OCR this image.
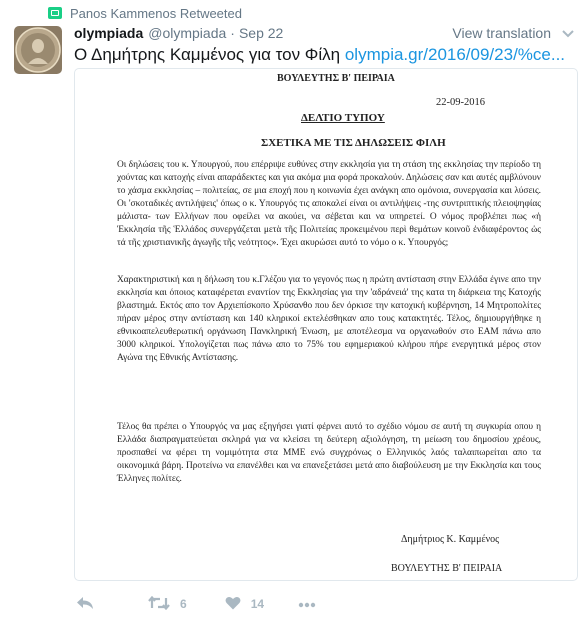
Panos Kammenos Retweeted
olympiada @olympiada · Sep 22	View translation
Ο Δημήτρης Καμμένος για τον Φίλη olympia.gr/2016/09/23/%ce...
ΒΟΥΛΕΥΤΗΣ Β' ΠΕΙΡΑΙΑ
22-09-2016
ΔΕΛΤΙΟ ΤΥΠΟΥ
ΣΧΕΤΙΚΑ ΜΕ ΤΙΣ ΔΗΛΩΣΕΙΣ ΦΙΛΗ
Οι δηλώσεις του κ. Υπουργού, που επέρριψε ευθύνες στην εκκλησία για τη στάση της εκκλησίας την περίοδο τη χούντας και κατοχής είναι απαράδεκτες και για ακόμα μια φορά προκαλούν. Δηλώσεις σαν και αυτές αμβλύνουν το χάσμα εκκλησίας – πολιτείας, σε μια εποχή που η κοινωνία έχει ανάγκη απο ομόνοια, συνεργασία και λύσεις. Οι 'σκοταδικές αντιλήψεις' όπως ο κ. Υπουργός τις αποκαλεί είναι οι αντιλήψεις -της συντριπτικής πλειοψηφίας μάλιστα- των Ελλήνων που οφείλει να ακούει, να σέβεται και να υπηρετεί. Ο νόμος προβλέπει πως «ἡ Ἐκκλησία τῆς Ἑλλάδος συνεργάζεται μετὰ τῆς Πολιτείας προκειμένου περὶ θεμάτων κοινοῦ ἐνδιαφέροντος ὡς τά τῆς χριστιανικῆς ἀγωγῆς τῆς νεότητος». Έχει ακυρώσει αυτό το νόμο ο κ. Υπουργός;
Χαρακτηριστική και η δήλωση του κ.Γλέζου για το γεγονός πως η πρώτη αντίσταση στην Ελλάδα έγινε απο την εκκλησία και όποιος καταφέρεται εναντίον της Εκκλησίας για την 'αδράνειά' της κατα τη διάρκεια της Κατοχής βλαστημά. Εκτός απο τον Αρχιεπίσκοπο Χρύσανθο που δεν όρκισε την κατοχική κυβέρνηση, 14 Μητροπολίτες πήραν μέρος στην αντίσταση και 140 κληρικοί εκτελέσθηκαν απο τους κατακτητές. Τέλος, δημιουργήθηκε η εθνικοαπελευθερωτική οργάνωση Πανκληρική Ένωση, με αποτέλεσμα να οργανωθούν στο ΕΑΜ πάνω απο 3000 κληρικοί. Υπολογίζεται πως πάνω απο το 75% του εφημεριακού κλήρου πήρε ενεργητικά μέρος στον Αγώνα της Εθνικής Αντίστασης.
Τέλος θα πρέπει ο Υπουργός να μας εξηγήσει γιατί φέρνει αυτό το σχέδιο νόμου σε αυτή τη συγκυρία οπου η Ελλάδα διαπραγματεύεται σκληρά για να κλείσει τη δεύτερη αξιολόγηση, τη μείωση του δημοσίου χρέους, προσπαθεί να φέρει τη νομιμότητα στα ΜΜΕ ενώ συγχρόνως ο Ελληνικός λαός ταλαιπωρείται απο τα οικονομικά βάρη. Προτείνω να επανέλθει και να επανεξετάσει μετά απο διαβούλευση με την Εκκλησία και τους Έλληνες πολίτες.
Δημήτριος Κ. Καμμένος
ΒΟΥΛΕΥΤΗΣ Β' ΠΕΙΡΑΙΑ
6	14
